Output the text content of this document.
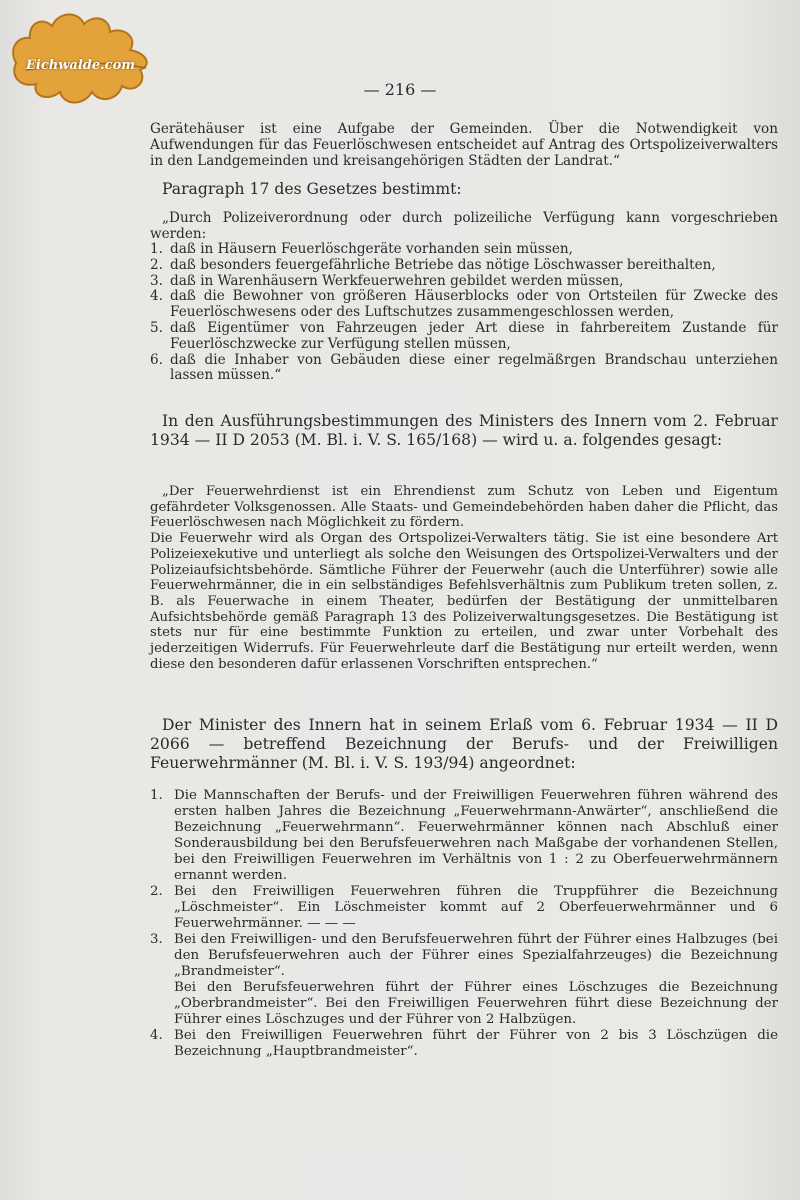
Eichwalde.com
— 216 —

Gerätehäuser ist eine Aufgabe der Gemeinden. Über die Notwendigkeit von Aufwendungen für das Feuerlöschwesen entscheidet auf Antrag des Ortspolizeiverwalters in den Landgemeinden und kreisangehörigen Städten der Landrat.“

Paragraph 17 des Gesetzes bestimmt:

„Durch Polizeiverordnung oder durch polizeiliche Verfügung kann vorgeschrieben werden:

1. daß in Häusern Feuerlöschgeräte vorhanden sein müssen,
2. daß besonders feuergefährliche Betriebe das nötige Löschwasser bereithalten,
3. daß in Warenhäusern Werkfeuerwehren gebildet werden müssen,
4. daß die Bewohner von größeren Häuserblocks oder von Ortsteilen für Zwecke des Feuerlöschwesens oder des Luftschutzes zusammengeschlossen werden,
5. daß Eigentümer von Fahrzeugen jeder Art diese in fahrbereitem Zustande für Feuerlöschzwecke zur Verfügung stellen müssen,
6. daß die Inhaber von Gebäuden diese einer regelmäßrgen Brandschau unterziehen lassen müssen.“

In den Ausführungsbestimmungen des Ministers des Innern vom 2. Februar 1934 — II D 2053 (M. Bl. i. V. S. 165/168) — wird u. a. folgendes gesagt:

„Der Feuerwehrdienst ist ein Ehrendienst zum Schutz von Leben und Eigentum gefährdeter Volksgenossen. Alle Staats- und Gemeindebehörden haben daher die Pflicht, das Feuerlöschwesen nach Möglichkeit zu fördern.

Die Feuerwehr wird als Organ des Ortspolizei-Verwalters tätig. Sie ist eine besondere Art Polizeiexekutive und unterliegt als solche den Weisungen des Ortspolizei-Verwalters und der Polizeiaufsichtsbehörde. Sämtliche Führer der Feuerwehr (auch die Unterführer) sowie alle Feuerwehrmänner, die in ein selbständiges Befehlsverhältnis zum Publikum treten sollen, z. B. als Feuerwache in einem Theater, bedürfen der Bestätigung der unmittelbaren Aufsichtsbehörde gemäß Paragraph 13 des Polizeiverwaltungsgesetzes. Die Bestätigung ist stets nur für eine bestimmte Funktion zu erteilen, und zwar unter Vorbehalt des jederzeitigen Widerrufs. Für Feuerwehrleute darf die Bestätigung nur erteilt werden, wenn diese den besonderen dafür erlassenen Vorschriften entsprechen.“

Der Minister des Innern hat in seinem Erlaß vom 6. Februar 1934 — II D 2066 — betreffend Bezeichnung der Berufs- und der Freiwilligen Feuerwehrmänner (M. Bl. i. V. S. 193/94) angeordnet:

1. Die Mannschaften der Berufs- und der Freiwilligen Feuerwehren führen während des ersten halben Jahres die Bezeichnung „Feuerwehrmann-Anwärter“, anschließend die Bezeichnung „Feuerwehrmann“. Feuerwehrmänner können nach Abschluß einer Sonderausbildung bei den Berufsfeuerwehren nach Maßgabe der vorhandenen Stellen, bei den Freiwilligen Feuerwehren im Verhältnis von 1 : 2 zu Oberfeuerwehrmännern ernannt werden.
2. Bei den Freiwilligen Feuerwehren führen die Truppführer die Bezeichnung „Löschmeister“. Ein Löschmeister kommt auf 2 Oberfeuerwehrmänner und 6 Feuerwehrmänner. — — —
3. Bei den Freiwilligen- und den Berufsfeuerwehren führt der Führer eines Halbzuges (bei den Berufsfeuerwehren auch der Führer eines Spezialfahrzeuges) die Bezeichnung „Brandmeister“.
Bei den Berufsfeuerwehren führt der Führer eines Löschzuges die Bezeichnung „Oberbrandmeister“. Bei den Freiwilligen Feuerwehren führt diese Bezeichnung der Führer eines Löschzuges und der Führer von 2 Halbzügen.
4. Bei den Freiwilligen Feuerwehren führt der Führer von 2 bis 3 Löschzügen die Bezeichnung „Hauptbrandmeister“.
